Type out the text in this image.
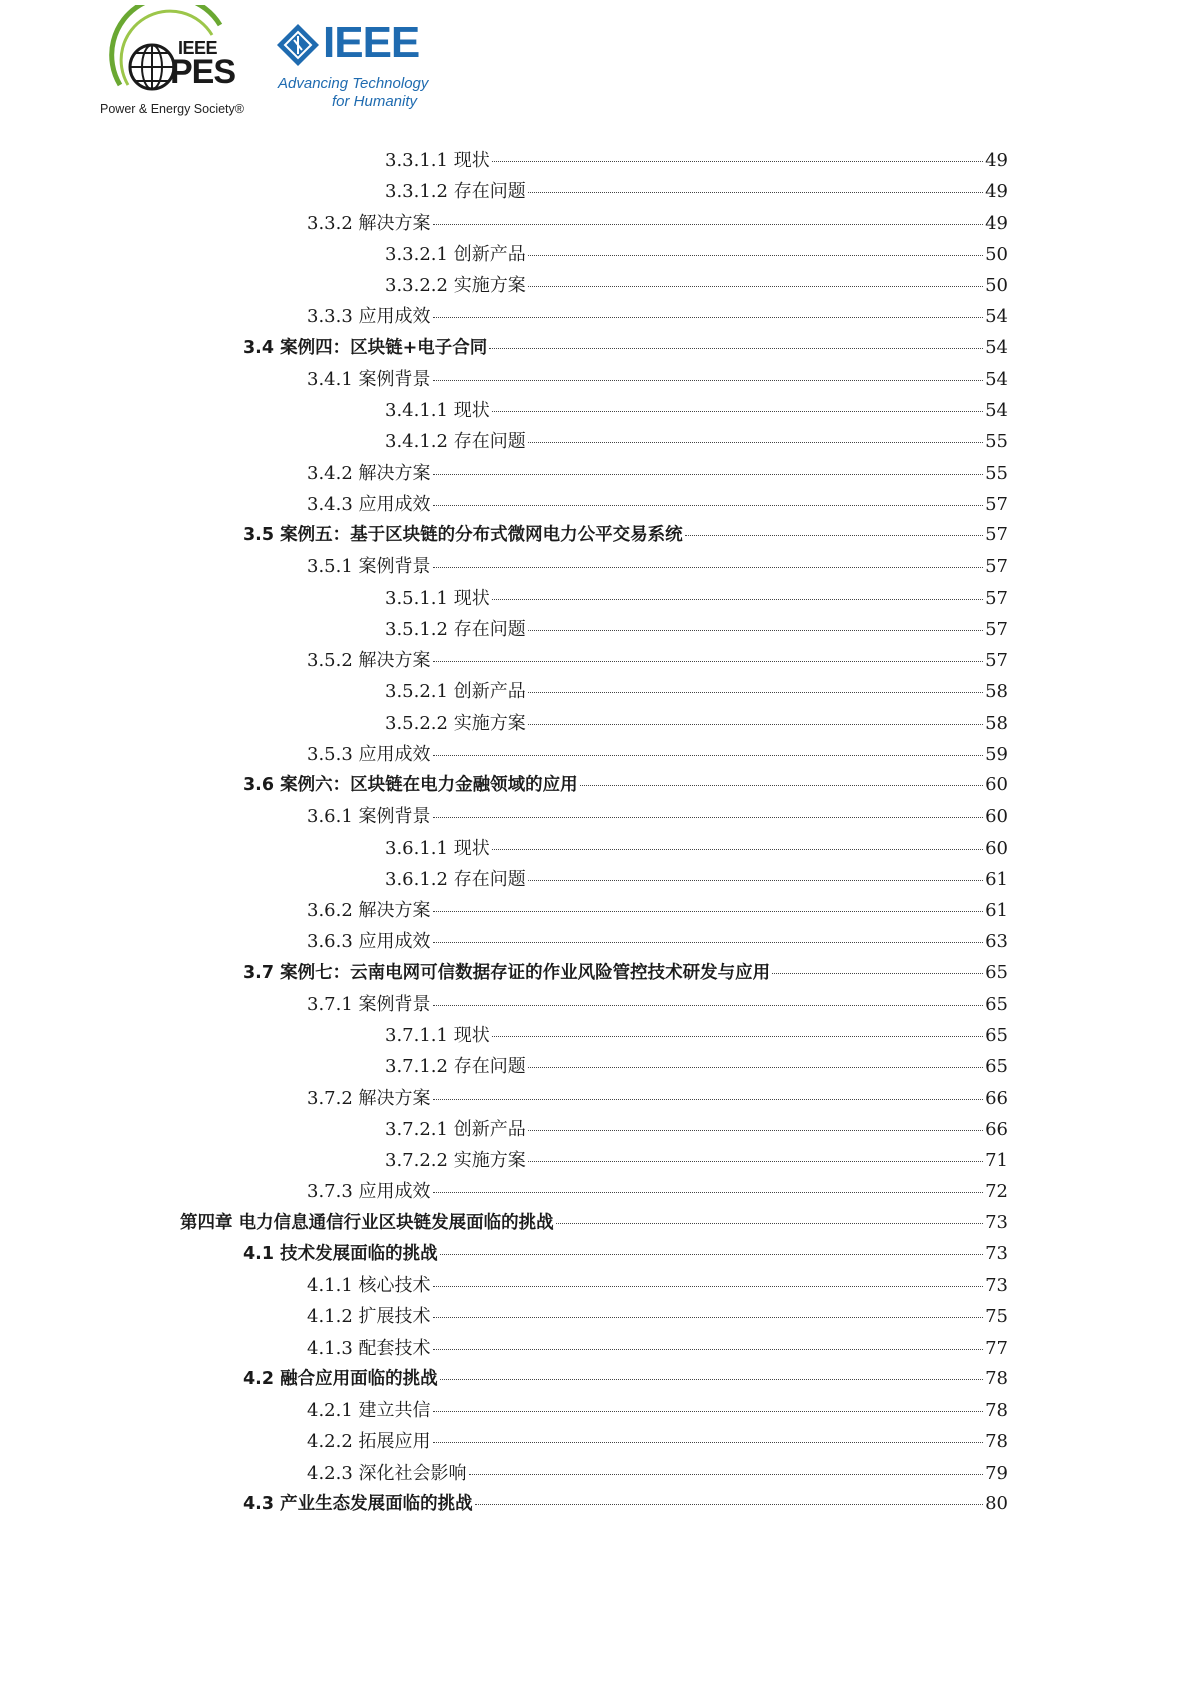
IEEE
PES
Power & Energy Society®
IEEE
Advancing Technology
for Humanity
3.3.1.1 现状	49
3.3.1.2 存在问题	49
3.3.2 解决方案	49
3.3.2.1 创新产品	50
3.3.2.2 实施方案	50
3.3.3 应用成效	54
3.4 案例四：区块链+电子合同	54
3.4.1 案例背景	54
3.4.1.1 现状	54
3.4.1.2 存在问题	55
3.4.2 解决方案	55
3.4.3 应用成效	57
3.5 案例五：基于区块链的分布式微网电力公平交易系统	57
3.5.1 案例背景	57
3.5.1.1 现状	57
3.5.1.2 存在问题	57
3.5.2 解决方案	57
3.5.2.1 创新产品	58
3.5.2.2 实施方案	58
3.5.3 应用成效	59
3.6 案例六：区块链在电力金融领域的应用	60
3.6.1 案例背景	60
3.6.1.1 现状	60
3.6.1.2 存在问题	61
3.6.2 解决方案	61
3.6.3 应用成效	63
3.7 案例七：云南电网可信数据存证的作业风险管控技术研发与应用	65
3.7.1 案例背景	65
3.7.1.1 现状	65
3.7.1.2 存在问题	65
3.7.2 解决方案	66
3.7.2.1 创新产品	66
3.7.2.2 实施方案	71
3.7.3 应用成效	72
第四章 电力信息通信行业区块链发展面临的挑战	73
4.1 技术发展面临的挑战	73
4.1.1 核心技术	73
4.1.2 扩展技术	75
4.1.3 配套技术	77
4.2 融合应用面临的挑战	78
4.2.1 建立共信	78
4.2.2 拓展应用	78
4.2.3 深化社会影响	79
4.3 产业生态发展面临的挑战	80
